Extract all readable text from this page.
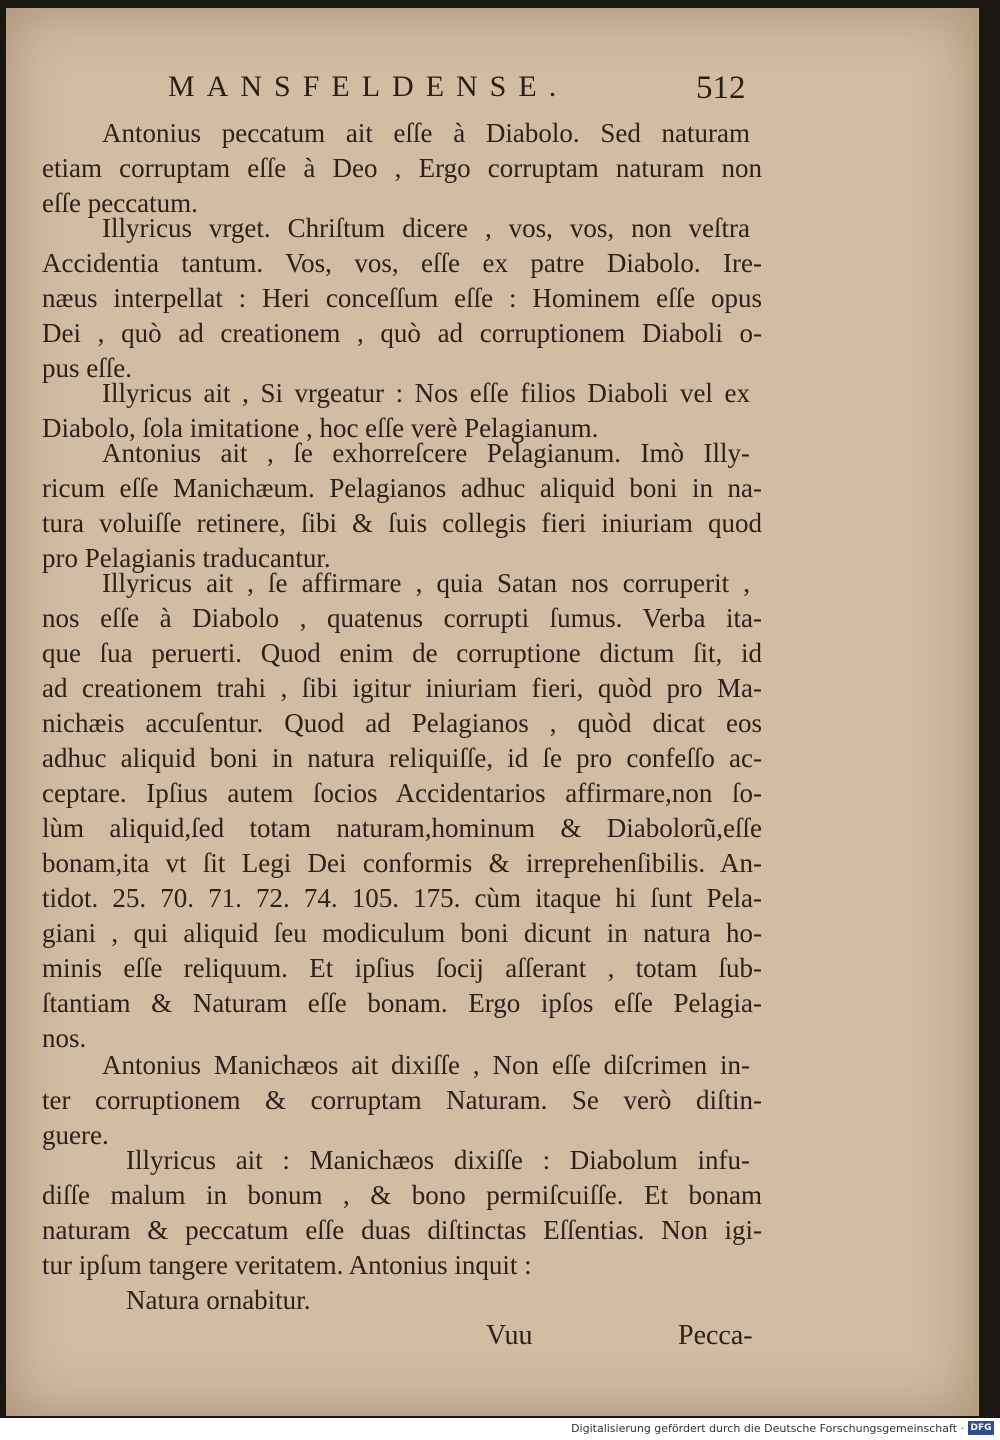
MANSFELDENSE.	512
Antonius peccatum ait eſſe à Diabolo. Sed naturam
etiam corruptam eſſe à Deo , Ergo corruptam naturam non
eſſe peccatum.
Illyricus vrget. Chriſtum dicere , vos, vos, non veſtra
Accidentia tantum. Vos, vos, eſſe ex patre Diabolo. Ire-
næus interpellat : Heri conceſſum eſſe : Hominem eſſe opus
Dei , quò ad creationem , quò ad corruptionem Diaboli o-
pus eſſe.
Illyricus ait , Si vrgeatur : Nos eſſe filios Diaboli vel ex
Diabolo, ſola imitatione , hoc eſſe verè Pelagianum.
Antonius ait , ſe exhorreſcere Pelagianum. Imò Illy-
ricum eſſe Manichæum. Pelagianos adhuc aliquid boni in na-
tura voluiſſe retinere, ſibi & ſuis collegis fieri iniuriam quod
pro Pelagianis traducantur.
Illyricus ait , ſe affirmare , quia Satan nos corruperit ,
nos eſſe à Diabolo , quatenus corrupti ſumus. Verba ita-
que ſua peruerti. Quod enim de corruptione dictum ſit, id
ad creationem trahi , ſibi igitur iniuriam fieri, quòd pro Ma-
nichæis accuſentur. Quod ad Pelagianos , quòd dicat eos
adhuc aliquid boni in natura reliquiſſe, id ſe pro confeſſo ac-
ceptare. Ipſius autem ſocios Accidentarios affirmare,non ſo-
lùm aliquid,ſed totam naturam,hominum & Diabolorũ,eſſe
bonam,ita vt ſit Legi Dei conformis & irreprehenſibilis. An-
tidot. 25. 70. 71. 72. 74. 105. 175. cùm itaque hi ſunt Pela-
giani , qui aliquid ſeu modiculum boni dicunt in natura ho-
minis eſſe reliquum. Et ipſius ſocij aſſerant , totam ſub-
ſtantiam & Naturam eſſe bonam. Ergo ipſos eſſe Pelagia-
nos.
Antonius Manichæos ait dixiſſe , Non eſſe diſcrimen in-
ter corruptionem & corruptam Naturam. Se verò diſtin-
guere.
Illyricus ait : Manichæos dixiſſe : Diabolum infu-
diſſe malum in bonum , & bono permiſcuiſſe. Et bonam
naturam & peccatum eſſe duas diſtinctas Eſſentias. Non igi-
tur ipſum tangere veritatem. Antonius inquit :
Natura ornabitur.
Vuu	Pecca-
Digitalisierung gefördert durch die Deutsche Forschungsgemeinschaft · DFG
